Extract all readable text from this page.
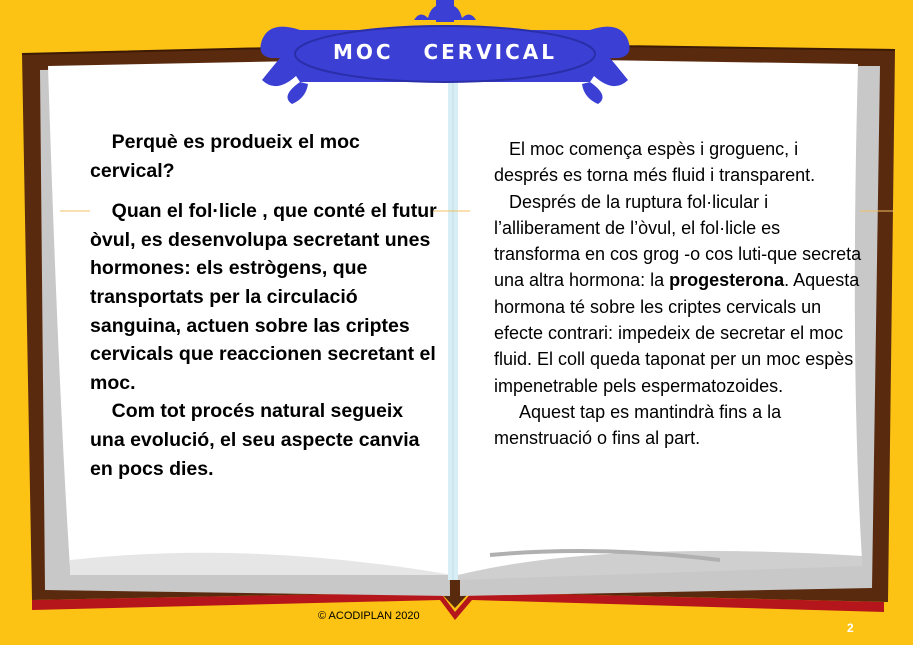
MOC   CERVICAL

Perquè es produeix el moc cervical?

Quan el fol·licle , que conté el futur òvul, es desenvolupa secretant unes hormones: els estrògens, que transportats per la circulació sanguina, actuen sobre las criptes cervicals que reaccionen secretant el moc.

Com tot procés natural segueix una evolució, el seu aspecte canvia en pocs dies.

El moc comença espès i groguenc, i després es torna més fluid i transparent.

Després de la ruptura fol·licular i l’alliberament de l’òvul, el fol·licle es transforma en cos grog -o cos luti-que secreta una altra hormona: la progesterona. Aquesta hormona té sobre les criptes cervicals un efecte contrari: impedeix de secretar el moc fluid. El coll queda taponat per un moc espès impenetrable pels espermatozoides.

Aquest tap es mantindrà fins a la menstruació o fins al part.

© ACODIPLAN 2020
2
